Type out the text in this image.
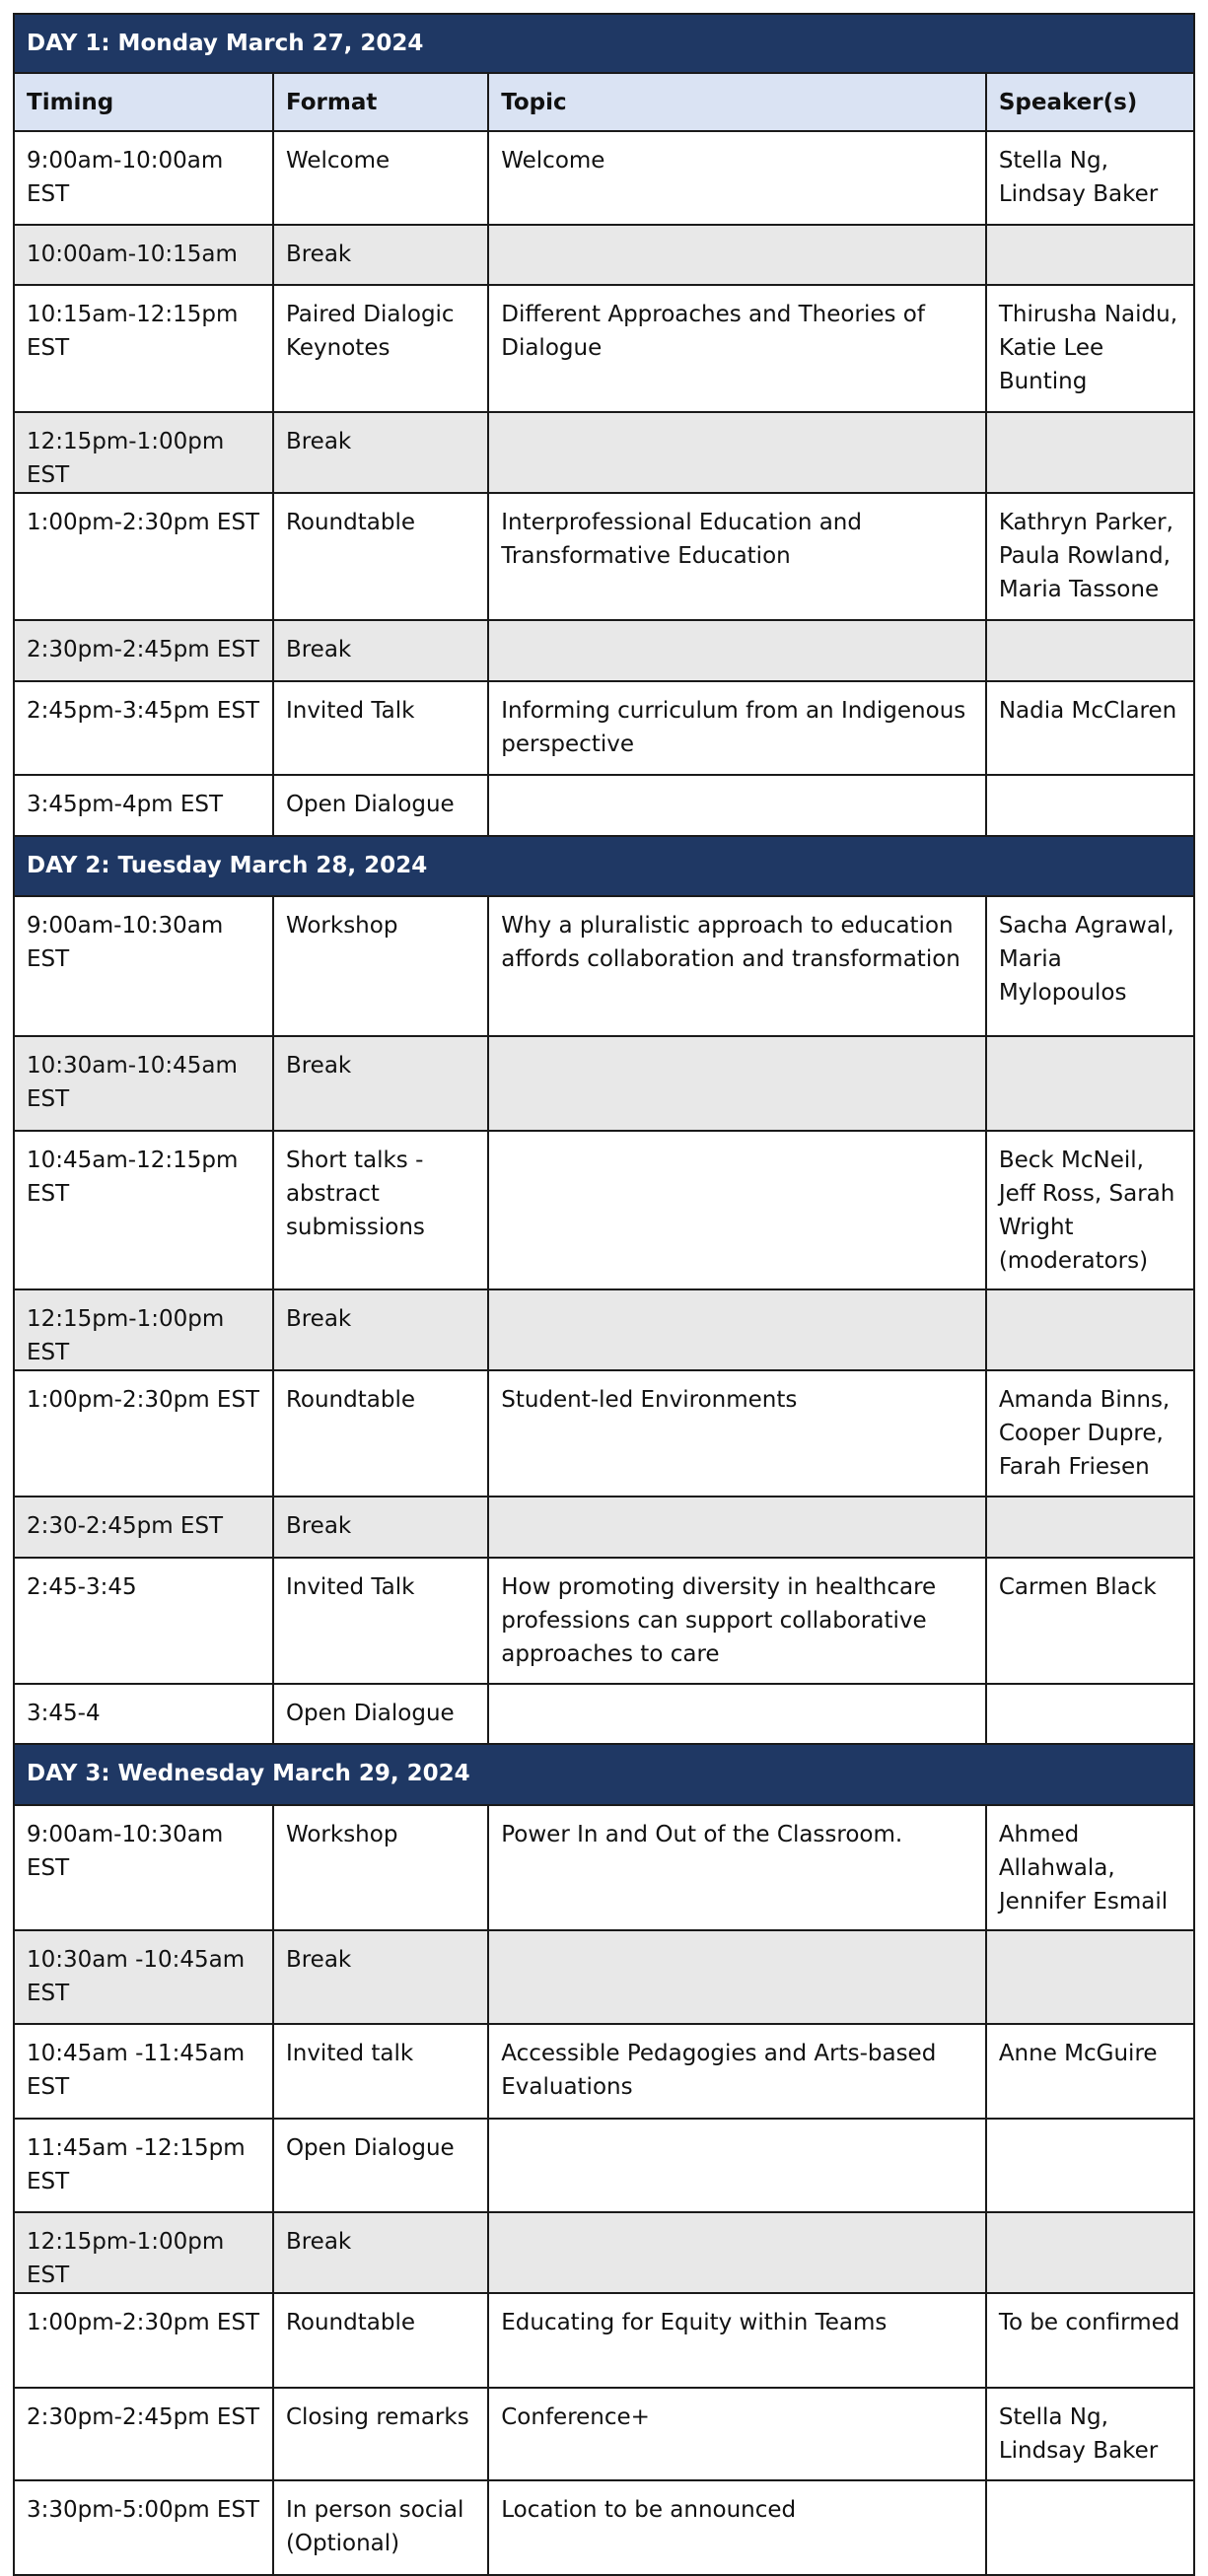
DAY 1: Monday March 27, 2024			
Timing	Format	Topic	Speaker(s)
9:00am-10:00am EST	Welcome	Welcome	Stella Ng, Lindsay Baker
10:00am-10:15am	Break		
10:15am-12:15pm EST	Paired Dialogic Keynotes	Different Approaches and Theories of Dialogue	Thirusha Naidu, Katie Lee Bunting
12:15pm-1:00pm EST	Break		
1:00pm-2:30pm EST	Roundtable	Interprofessional Education and Transformative Education	Kathryn Parker, Paula Rowland, Maria Tassone
2:30pm-2:45pm EST	Break		
2:45pm-3:45pm EST	Invited Talk	Informing curriculum from an Indigenous perspective	Nadia McClaren
3:45pm-4pm EST	Open Dialogue		
DAY 2: Tuesday March 28, 2024			
9:00am-10:30am EST	Workshop	Why a pluralistic approach to education affords collaboration and transformation	Sacha Agrawal, Maria Mylopoulos
10:30am-10:45am EST	Break		
10:45am-12:15pm EST	Short talks - abstract submissions		Beck McNeil, Jeff Ross, Sarah Wright (moderators)
12:15pm-1:00pm EST	Break		
1:00pm-2:30pm EST	Roundtable	Student-led Environments	Amanda Binns, Cooper Dupre, Farah Friesen
2:30-2:45pm EST	Break		
2:45-3:45	Invited Talk	How promoting diversity in healthcare professions can support collaborative approaches to care	Carmen Black
3:45-4	Open Dialogue		
DAY 3: Wednesday March 29, 2024			
9:00am-10:30am EST	Workshop	Power In and Out of the Classroom.	Ahmed Allahwala, Jennifer Esmail
10:30am -10:45am EST	Break		
10:45am -11:45am EST	Invited talk	Accessible Pedagogies and Arts-based Evaluations	Anne McGuire
11:45am -12:15pm EST	Open Dialogue		
12:15pm-1:00pm EST	Break		
1:00pm-2:30pm EST	Roundtable	Educating for Equity within Teams	To be confirmed
2:30pm-2:45pm EST	Closing remarks	Conference+	Stella Ng, Lindsay Baker
3:30pm-5:00pm EST	In person social (Optional)	Location to be announced	
